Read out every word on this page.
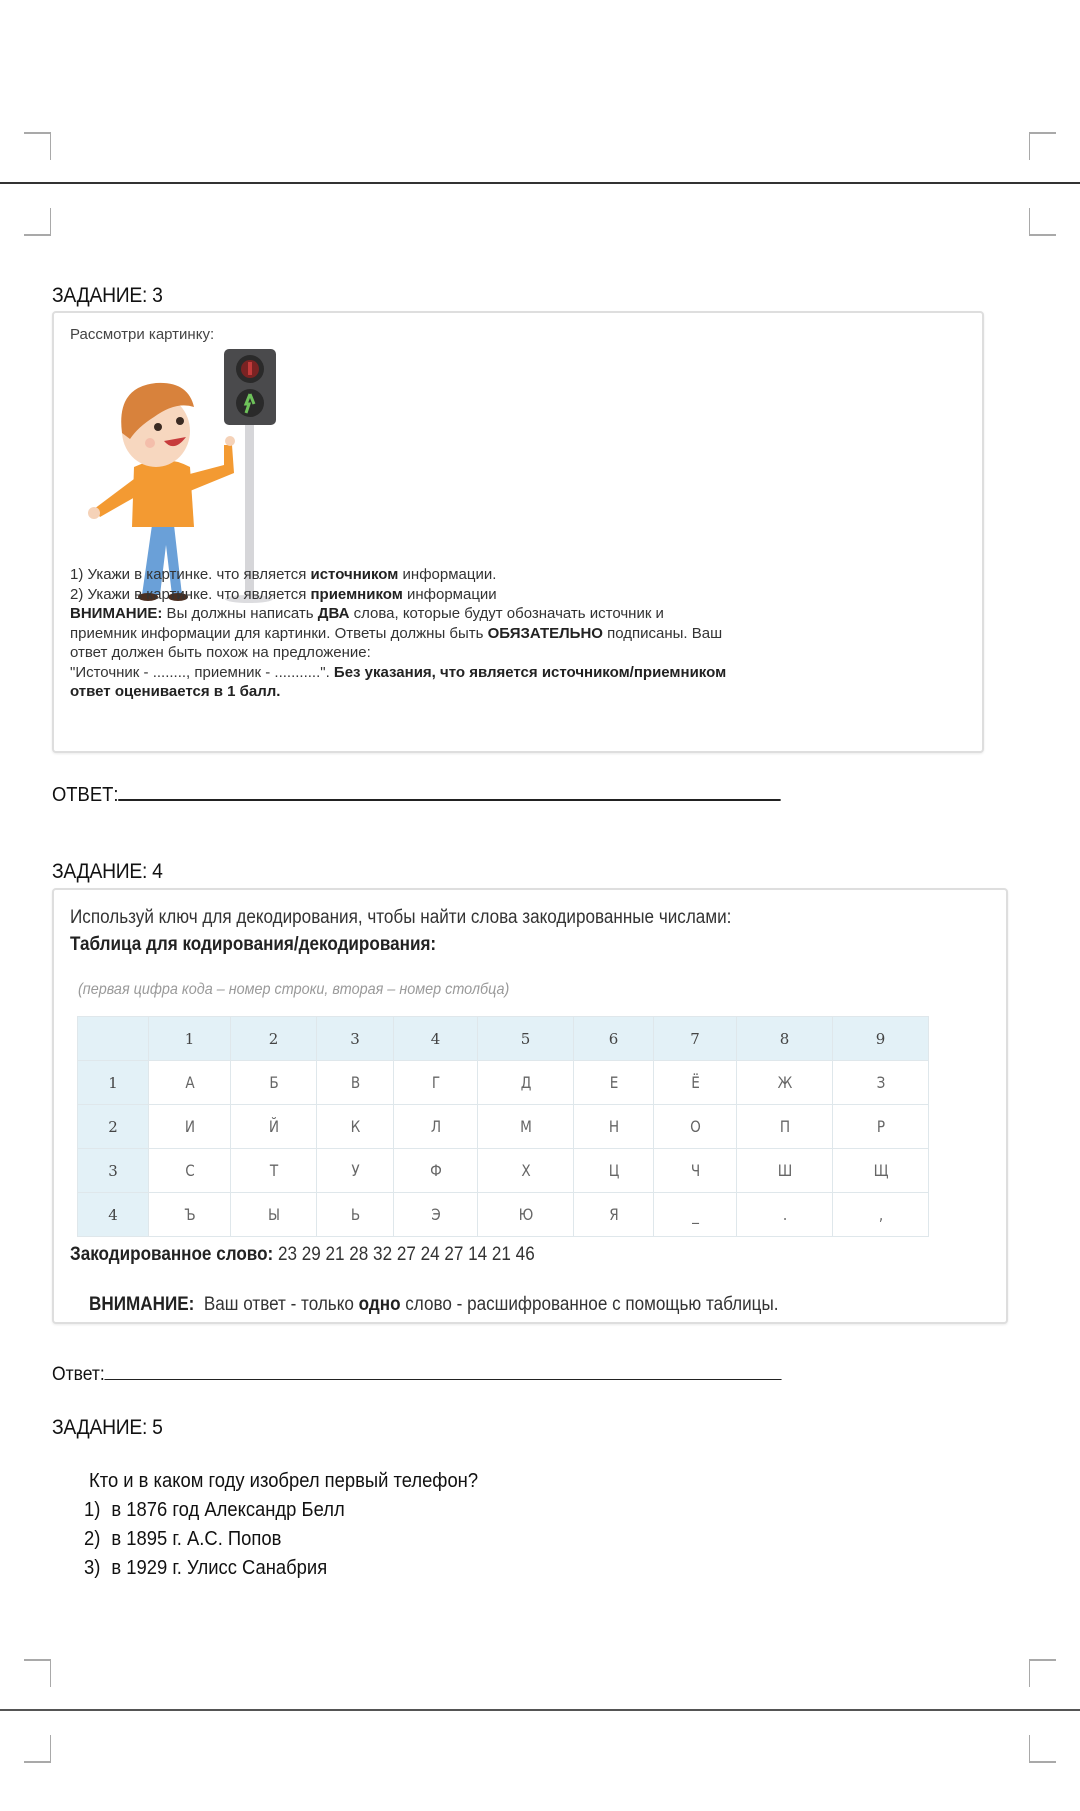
ЗАДАНИЕ: 3
Рассмотри картинку:
1) Укажи в картинке. что является источником информации.
2) Укажи в картинке. что является приемником информации
ВНИМАНИЕ: Вы должны написать ДВА слова, которые будут обозначать источник и
приемник информации для картинки. Ответы должны быть ОБЯЗАТЕЛЬНО подписаны. Ваш
ответ должен быть похож на предложение:
"Источник - ........, приемник - ...........". Без указания, что является источником/приемником
ответ оценивается в 1 балл.
ОТВЕТ:
ЗАДАНИЕ: 4
Используй ключ для декодирования, чтобы найти слова закодированные числами:
Таблица для кодирования/декодирования:
(первая цифра кода – номер строки, вторая – номер столбца)
	1	2	3	4	5	6	7	8	9
1	А	Б	В	Г	Д	Е	Ё	Ж	З
2	И	Й	К	Л	М	Н	О	П	Р
3	С	Т	У	Ф	Х	Ц	Ч	Ш	Щ
4	Ъ	Ы	Ь	Э	Ю	Я	_	.	,
Закодированное слово: 23 29 21 28 32 27 24 27 14 21 46

ВНИМАНИЕ:  Ваш ответ - только одно слово - расшифрованное с помощью таблицы.

Ответ:
ЗАДАНИЕ: 5
Кто и в каком году изобрел первый телефон?
1) в 1876 год Александр Белл
2) в 1895 г. А.С. Попов
3) в 1929 г. Улисс Санабрия
